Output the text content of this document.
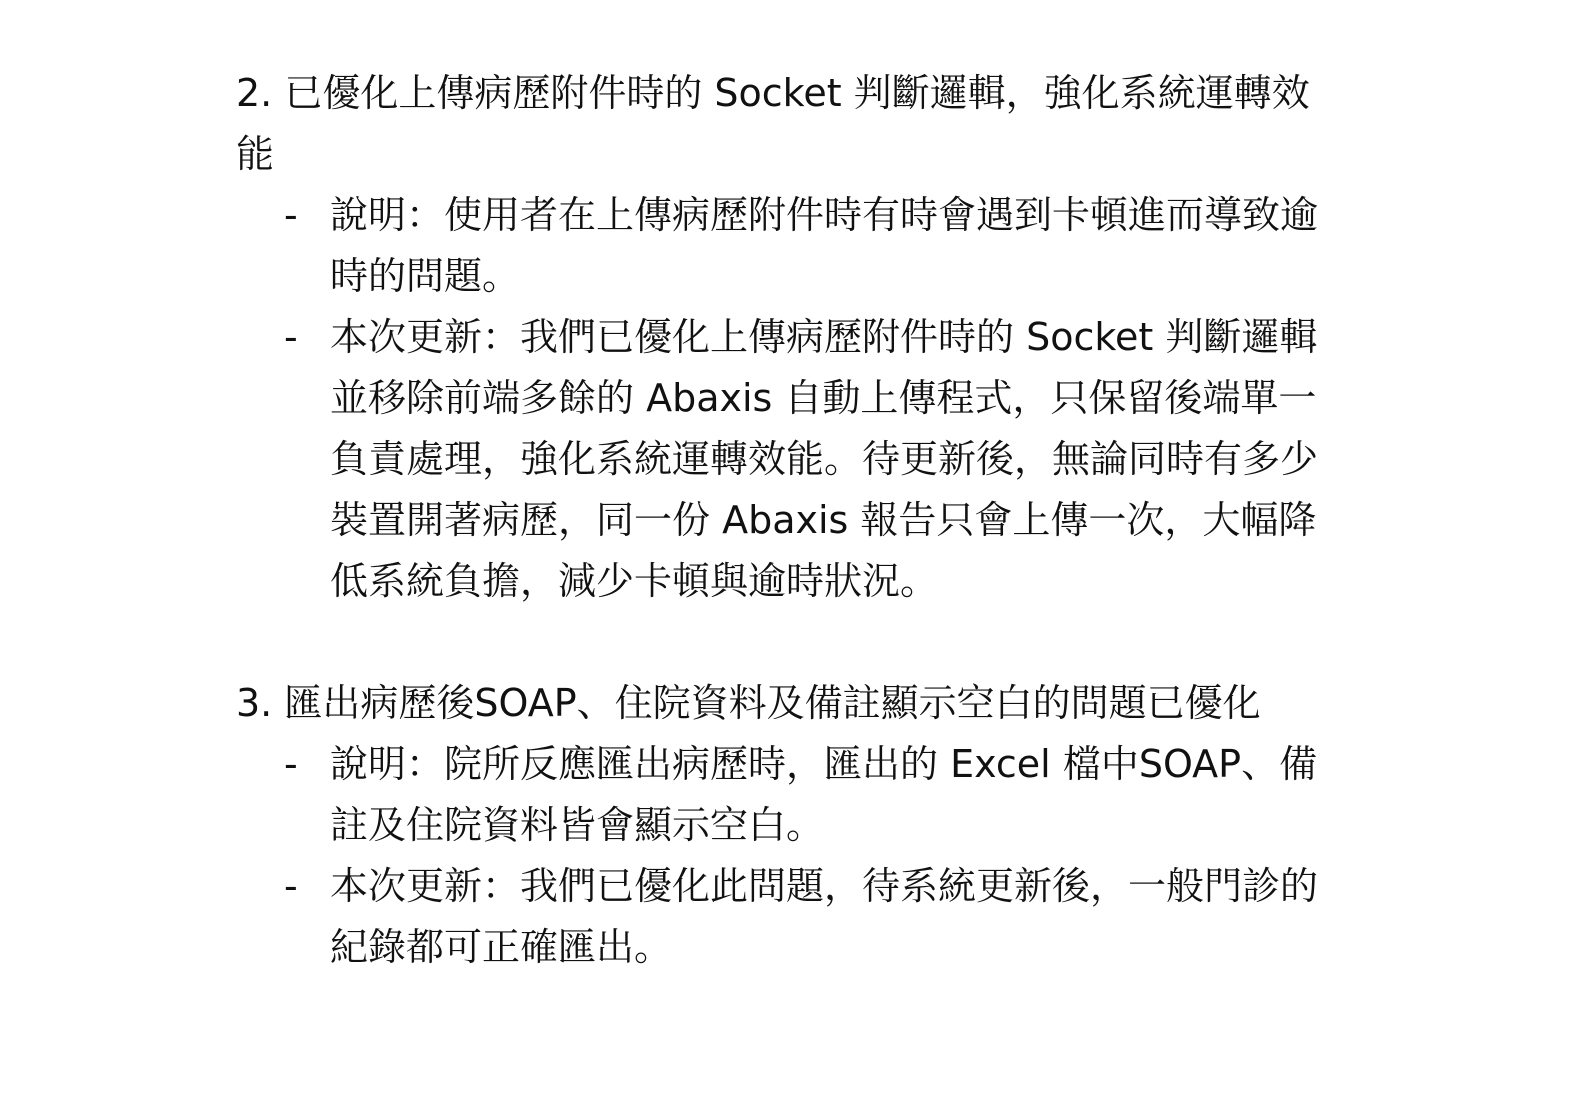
2. 已優化上傳病歷附件時的 Socket 判斷邏輯，強化系統運轉效能

- 說明：使用者在上傳病歷附件時有時會遇到卡頓進而導致逾時的問題。
- 本次更新：我們已優化上傳病歷附件時的 Socket 判斷邏輯並移除前端多餘的 Abaxis 自動上傳程式，只保留後端單一負責處理，強化系統運轉效能。待更新後，無論同時有多少裝置開著病歷，同一份 Abaxis 報告只會上傳一次，大幅降低系統負擔，減少卡頓與逾時狀況。

3. 匯出病歷後SOAP、住院資料及備註顯示空白的問題已優化

- 說明：院所反應匯出病歷時，匯出的 Excel 檔中SOAP、備註及住院資料皆會顯示空白。
- 本次更新：我們已優化此問題，待系統更新後，一般門診的紀錄都可正確匯出。
